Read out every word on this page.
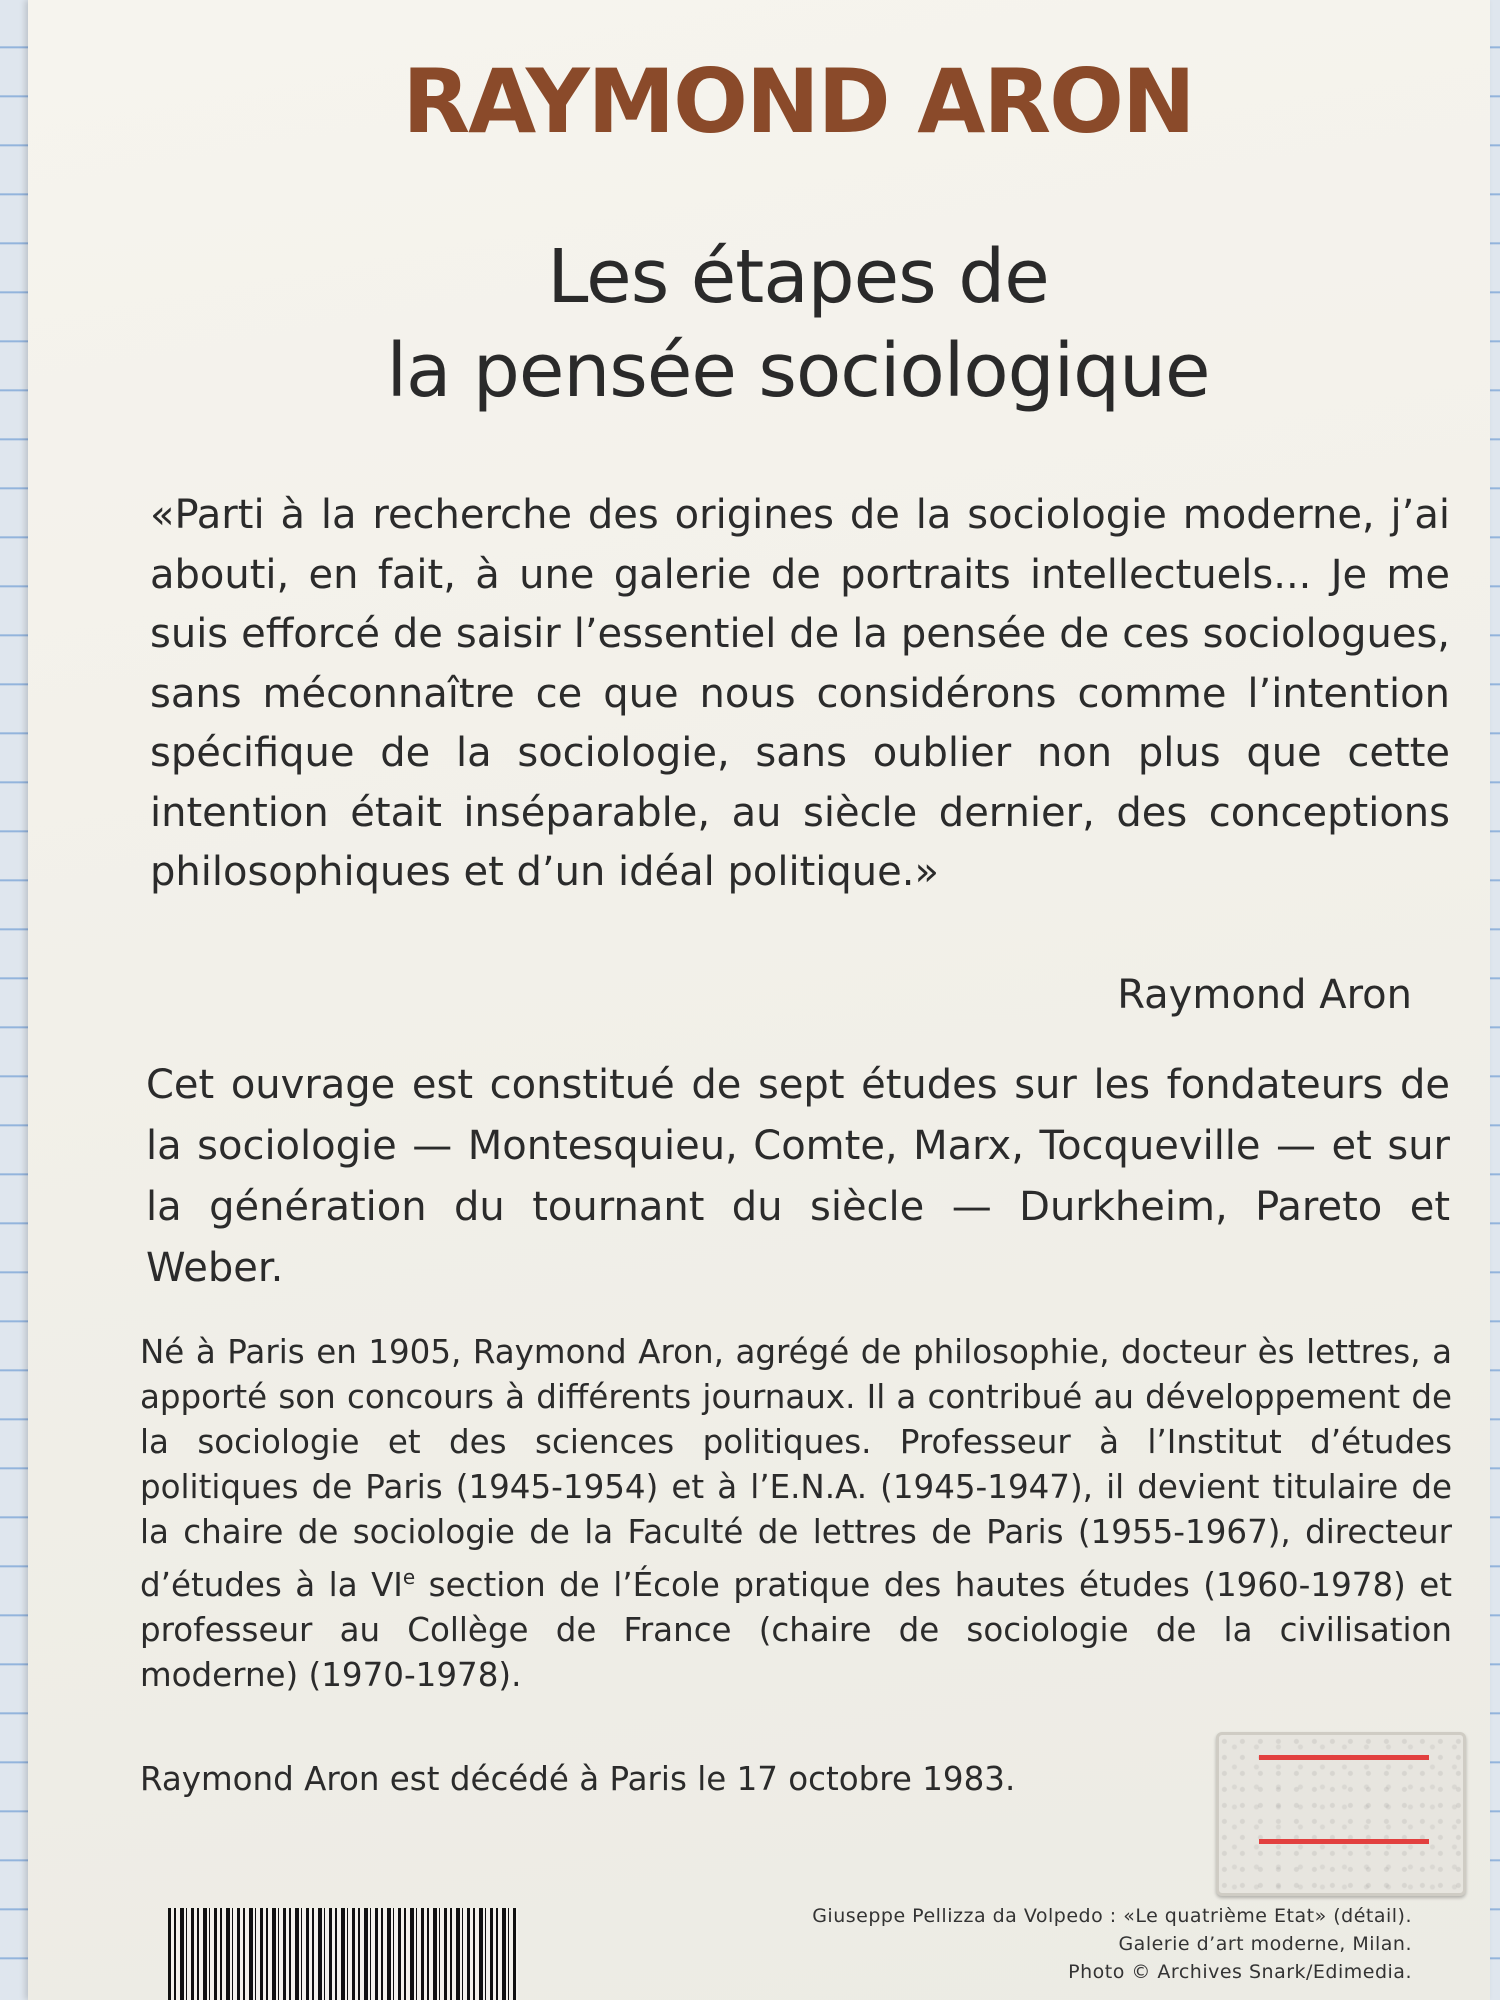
RAYMOND ARON
Les étapes de
la pensée sociologique
«Parti à la recherche des origines de la sociologie moderne, j’ai abouti, en fait, à une galerie de portraits intellectuels... Je me suis efforcé de saisir l’essentiel de la pensée de ces sociologues, sans méconnaître ce que nous considérons comme l’intention spécifique de la sociologie, sans oublier non plus que cette intention était inséparable, au siècle dernier, des conceptions philosophiques et d’un idéal politique.»
Raymond Aron
Cet ouvrage est constitué de sept études sur les fondateurs de la sociologie — Montesquieu, Comte, Marx, Tocqueville — et sur la génération du tournant du siècle — Durkheim, Pareto et Weber.
Né à Paris en 1905, Raymond Aron, agrégé de philosophie, docteur ès lettres, a apporté son concours à différents journaux. Il a contribué au développement de la sociologie et des sciences politiques. Professeur à l’Institut d’études politiques de Paris (1945-1954) et à l’E.N.A. (1945-1947), il devient titulaire de la chaire de sociologie de la Faculté de lettres de Paris (1955-1967), directeur d’études à la VIe section de l’École pratique des hautes études (1960-1978) et professeur au Collège de France (chaire de sociologie de la civilisation moderne) (1970-1978).
Raymond Aron est décédé à Paris le 17 octobre 1983.
Giuseppe Pellizza da Volpedo : «Le quatrième Etat» (détail).
Galerie d’art moderne, Milan.
Photo © Archives Snark/Edimedia.
